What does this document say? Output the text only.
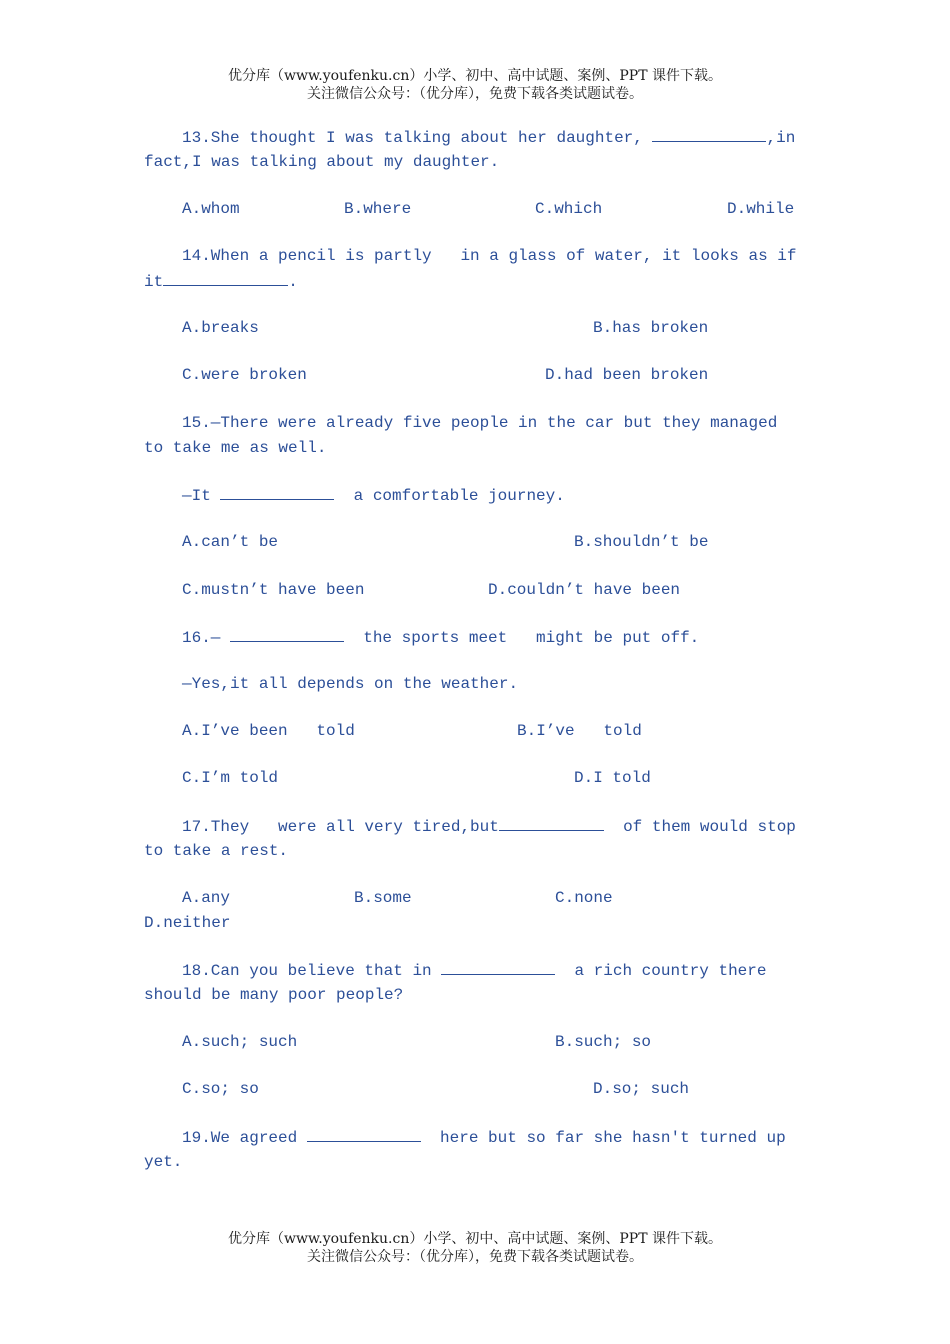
优分库（www.youfenku.cn）小学、初中、高中试题、案例、PPT 课件下载。
关注微信公众号：（优分库），免费下载各类试题试卷。
13.She thought I was talking about her daughter,	,in
fact,I was talking about my daughter.
A.whom	B.where	C.which	D.while
14.When a pencil is partly   in a glass of water, it looks as if
it	.
A.breaks	B.has broken
C.were broken	D.had been broken
15.—There were already five people in the car but they managed
to take me as well.
—It	a comfortable journey.
A.can’t be	B.shouldn’t be
C.mustn’t have been	D.couldn’t have been
16.—	the sports meet   might be put off.
—Yes,it all depends on the weather.
A.I’ve been   told	B.I’ve   told
C.I’m told	D.I told
17.They   were all very tired,but	of them would stop
to take a rest.
A.any	B.some	C.none
D.neither
18.Can you believe that in	a rich country there
should be many poor people?
A.such; such	B.such; so
C.so; so	D.so; such
19.We agreed	here but so far she hasn't turned up
yet.
优分库（www.youfenku.cn）小学、初中、高中试题、案例、PPT 课件下载。
关注微信公众号：（优分库），免费下载各类试题试卷。
